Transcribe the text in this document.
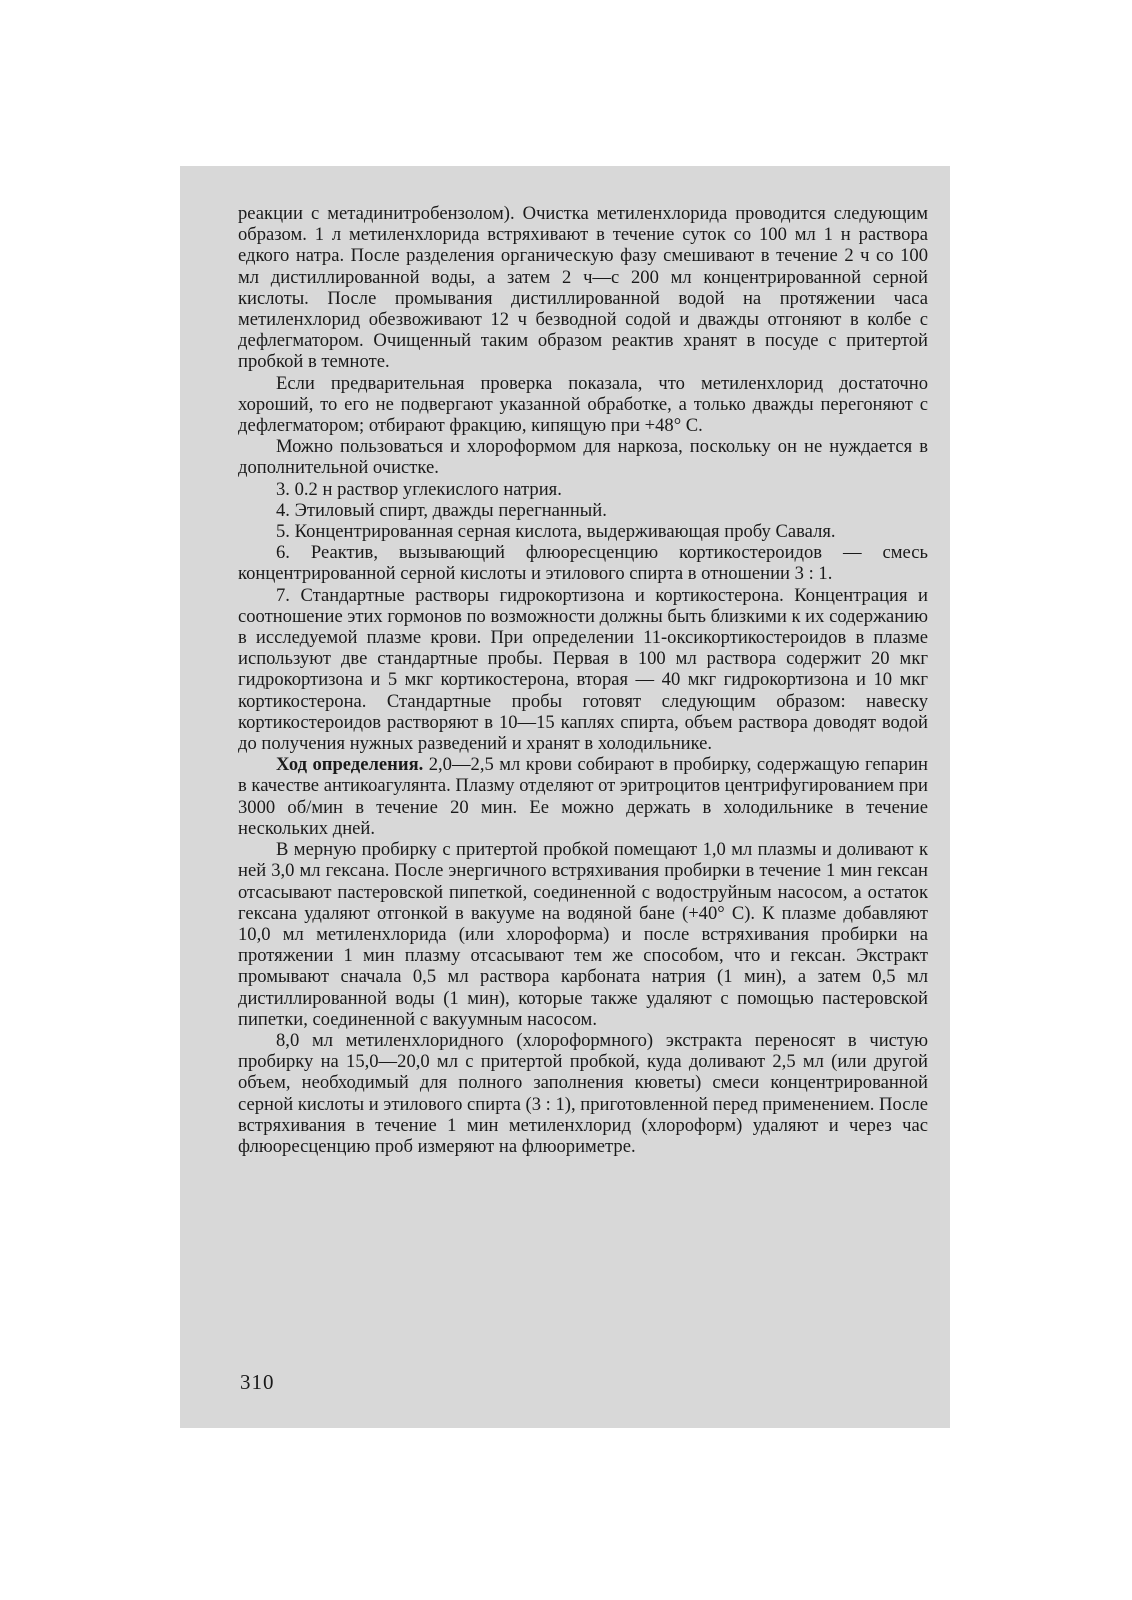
реакции с метадинитробензолом). Очистка метиленхлорида проводится следующим образом. 1 л метиленхлорида встряхивают в течение суток со 100 мл 1 н раствора едкого натра. После разделения органическую фазу смешивают в течение 2 ч со 100 мл дистиллированной воды, а затем 2 ч—с 200 мл концентрированной серной кислоты. После промывания дистиллированной водой на протяжении часа метиленхлорид обезвоживают 12 ч безводной содой и дважды отгоняют в колбе с дефлегматором. Очищенный таким образом реактив хранят в посуде с притертой пробкой в темноте.

Если предварительная проверка показала, что метиленхлорид достаточно хороший, то его не подвергают указанной обработке, а только дважды перегоняют с дефлегматором; отбирают фракцию, кипящую при +48° С.

Можно пользоваться и хлороформом для наркоза, поскольку он не нуждается в дополнительной очистке.

3. 0.2 н раствор углекислого натрия.

4. Этиловый спирт, дважды перегнанный.

5. Концентрированная серная кислота, выдерживающая пробу Саваля.

6. Реактив, вызывающий флюоресценцию кортикостероидов — смесь концентрированной серной кислоты и этилового спирта в отношении 3 : 1.

7. Стандартные растворы гидрокортизона и кортикостерона. Концентрация и соотношение этих гормонов по возможности должны быть близкими к их содержанию в исследуемой плазме крови. При определении 11-оксикортикостероидов в плазме используют две стандартные пробы. Первая в 100 мл раствора содержит 20 мкг гидрокортизона и 5 мкг кортикостерона, вторая — 40 мкг гидрокортизона и 10 мкг кортикостерона. Стандартные пробы готовят следующим образом: навеску кортикостероидов растворяют в 10—15 каплях спирта, объем раствора доводят водой до получения нужных разведений и хранят в холодильнике.

Ход определения. 2,0—2,5 мл крови собирают в пробирку, содержащую гепарин в качестве антикоагулянта. Плазму отделяют от эритроцитов центрифугированием при 3000 об/мин в течение 20 мин. Ее можно держать в холодильнике в течение нескольких дней.

В мерную пробирку с притертой пробкой помещают 1,0 мл плазмы и доливают к ней 3,0 мл гексана. После энергичного встряхивания пробирки в течение 1 мин гексан отсасывают пастеровской пипеткой, соединенной с водоструйным насосом, а остаток гексана удаляют отгонкой в вакууме на водяной бане (+40° С). К плазме добавляют 10,0 мл метиленхлорида (или хлороформа) и после встряхивания пробирки на протяжении 1 мин плазму отсасывают тем же способом, что и гексан. Экстракт промывают сначала 0,5 мл раствора карбоната натрия (1 мин), а затем 0,5 мл дистиллированной воды (1 мин), которые также удаляют с помощью пастеровской пипетки, соединенной с вакуумным насосом.

8,0 мл метиленхлоридного (хлороформного) экстракта переносят в чистую пробирку на 15,0—20,0 мл с притертой пробкой, куда доливают 2,5 мл (или другой объем, необходимый для полного заполнения кюветы) смеси концентрированной серной кислоты и этилового спирта (3 : 1), приготовленной перед применением. После встряхивания в течение 1 мин метиленхлорид (хлороформ) удаляют и через час флюоресценцию проб измеряют на флюориметре.

310
